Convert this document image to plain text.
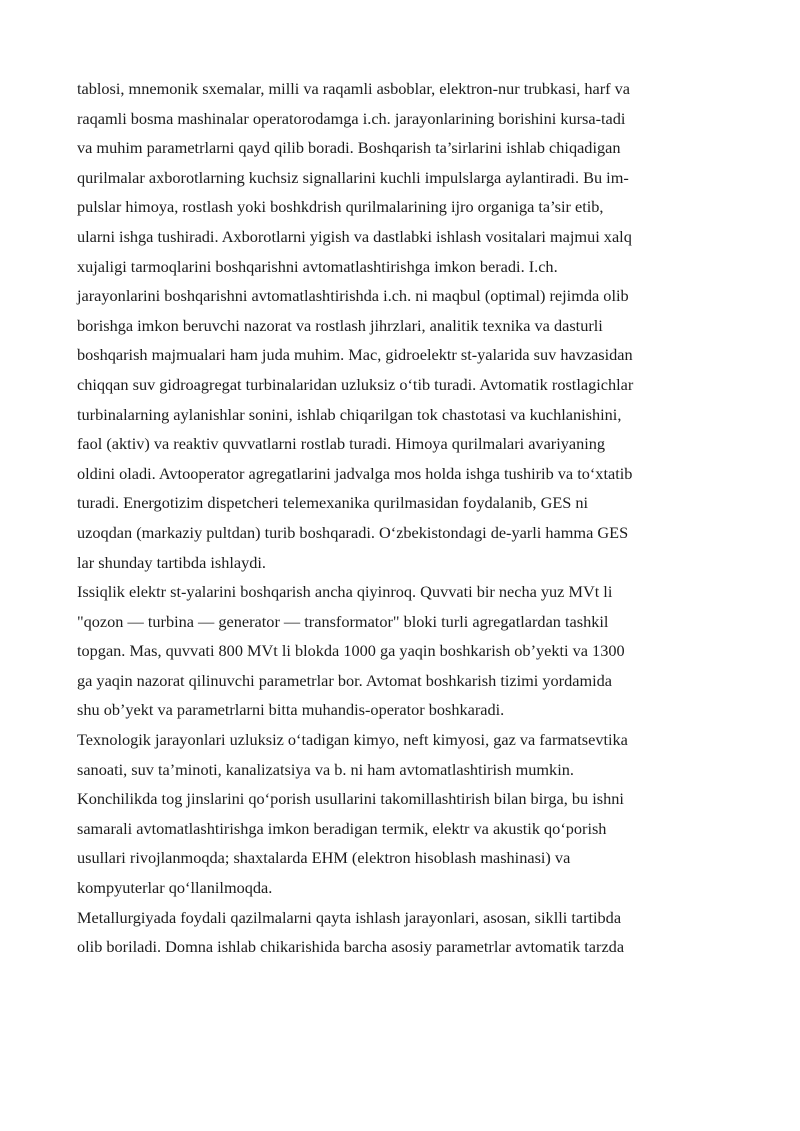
tablosi, mnemonik sxemalar, milli va raqamli asboblar, elektron-nur trubkasi, harf va
raqamli bosma mashinalar operatorodamga i.ch. jarayonlarining borishini kursa-tadi
va muhim parametrlarni qayd qilib boradi. Boshqarish ta’sirlarini ishlab chiqadigan
qurilmalar axborotlarning kuchsiz signallarini kuchli impulslarga aylantiradi. Bu im-
pulslar himoya, rostlash yoki boshkdrish qurilmalarining ijro organiga ta’sir etib,
ularni ishga tushiradi. Axborotlarni yigish va dastlabki ishlash vositalari majmui xalq
xujaligi tarmoqlarini boshqarishni avtomatlashtirishga imkon beradi. I.ch.
jarayonlarini boshqarishni avtomatlashtirishda i.ch. ni maqbul (optimal) rejimda olib
borishga imkon beruvchi nazorat va rostlash jihrzlari, analitik texnika va dasturli
boshqarish majmualari ham juda muhim. Mac, gidroelektr st-yalarida suv havzasidan
chiqqan suv gidroagregat turbinalaridan uzluksiz o‘tib turadi. Avtomatik rostlagichlar
turbinalarning aylanishlar sonini, ishlab chiqarilgan tok chastotasi va kuchlanishini,
faol (aktiv) va reaktiv quvvatlarni rostlab turadi. Himoya qurilmalari avariyaning
oldini oladi. Avtooperator agregatlarini jadvalga mos holda ishga tushirib va to‘xtatib
turadi. Energotizim dispetcheri telemexanika qurilmasidan foydalanib, GES ni
uzoqdan (markaziy pultdan) turib boshqaradi. O‘zbekistondagi de-yarli hamma GES
lar shunday tartibda ishlaydi.
Issiqlik elektr st-yalarini boshqarish ancha qiyinroq. Quvvati bir necha yuz MVt li
"qozon — turbina — generator — transformator" bloki turli agregatlardan tashkil
topgan. Mas, quvvati 800 MVt li blokda 1000 ga yaqin boshkarish ob’yekti va 1300
ga yaqin nazorat qilinuvchi parametrlar bor. Avtomat boshkarish tizimi yordamida
shu ob’yekt va parametrlarni bitta muhandis-operator boshkaradi.
Texnologik jarayonlari uzluksiz o‘tadigan kimyo, neft kimyosi, gaz va farmatsevtika
sanoati, suv ta’minoti, kanalizatsiya va b. ni ham avtomatlashtirish mumkin.
Konchilikda tog jinslarini qo‘porish usullarini takomillashtirish bilan birga, bu ishni
samarali avtomatlashtirishga imkon beradigan termik, elektr va akustik qo‘porish
usullari rivojlanmoqda; shaxtalarda EHM (elektron hisoblash mashinasi) va
kompyuterlar qo‘llanilmoqda.
Metallurgiyada foydali qazilmalarni qayta ishlash jarayonlari, asosan, siklli tartibda
olib boriladi. Domna ishlab chikarishida barcha asosiy parametrlar avtomatik tarzda
